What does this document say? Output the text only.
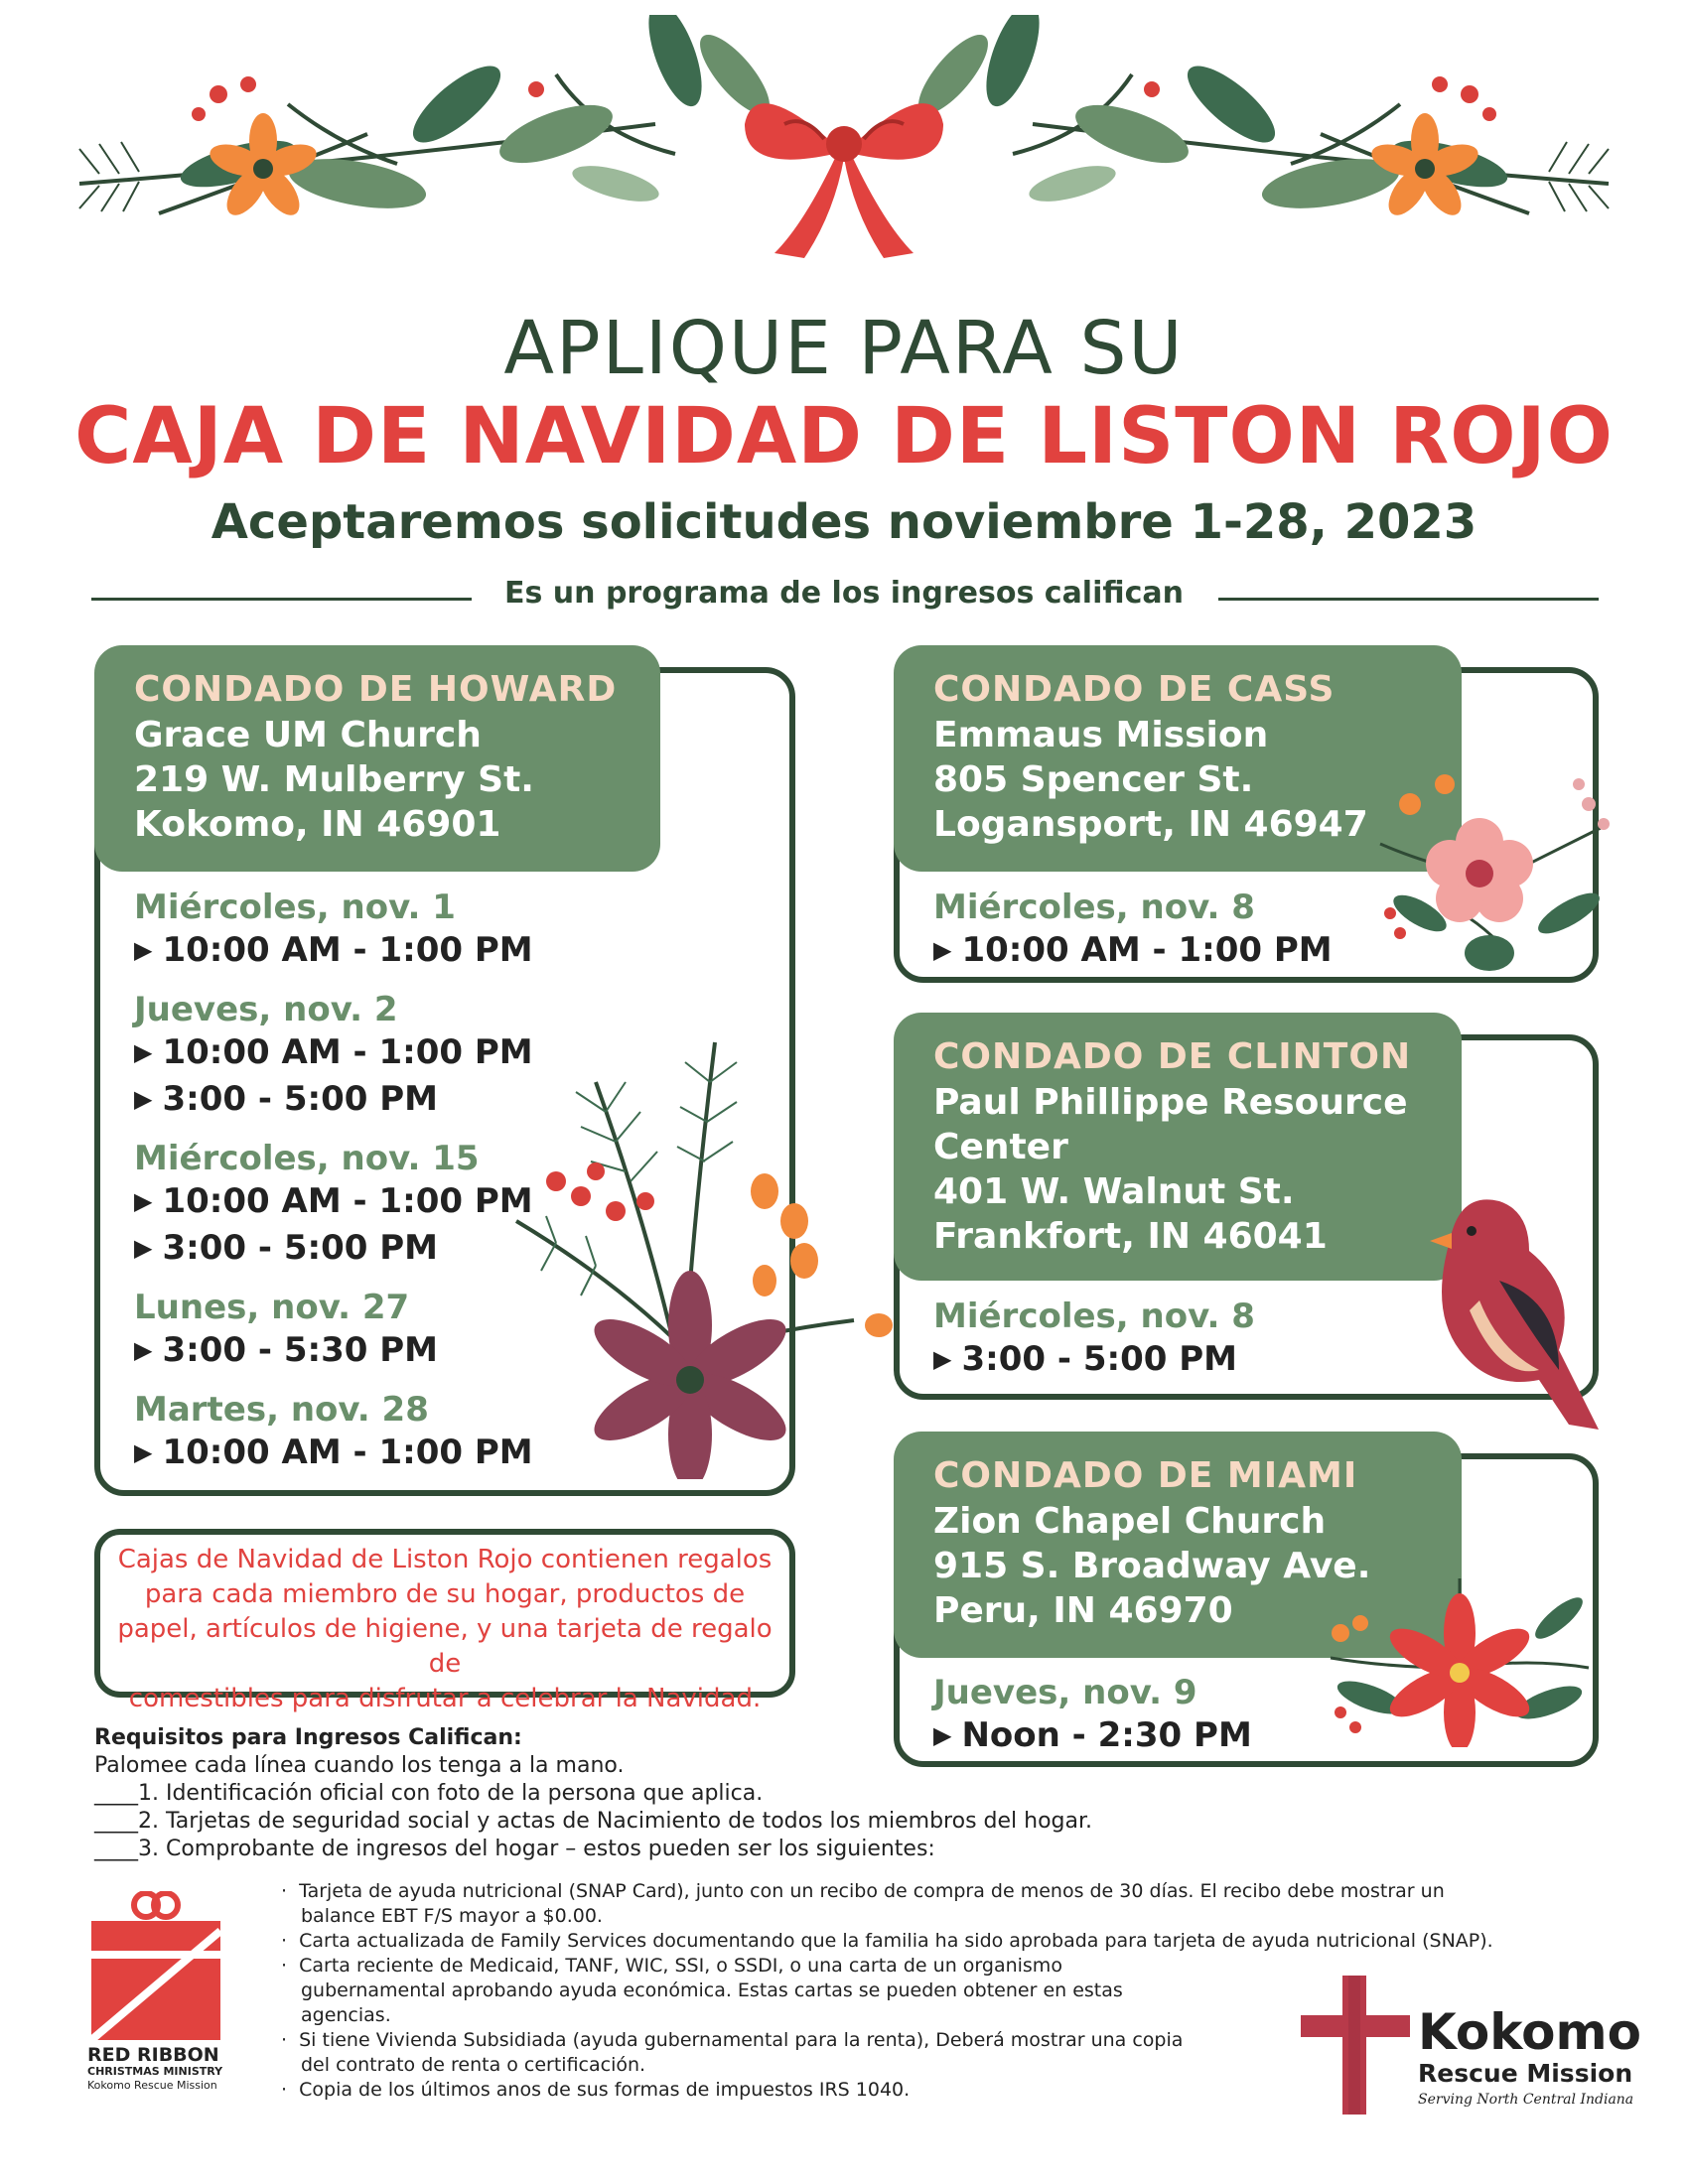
APLIQUE PARA SU
CAJA DE NAVIDAD DE LISTON ROJO
Aceptaremos solicitudes noviembre 1-28, 2023
Es un programa de los ingresos califican
CONDADO DE HOWARD
Grace UM Church
219 W. Mulberry St.
Kokomo, IN 46901
Miércoles, nov. 1
▶ 10:00 AM - 1:00 PM
Jueves, nov. 2
▶ 10:00 AM - 1:00 PM
▶ 3:00 - 5:00 PM
Miércoles, nov. 15
▶ 10:00 AM - 1:00 PM
▶ 3:00 - 5:00 PM
Lunes, nov. 27
▶ 3:00 - 5:30 PM
Martes, nov. 28
▶ 10:00 AM - 1:00 PM
CONDADO DE CASS
Emmaus Mission
805 Spencer St.
Logansport, IN 46947
Miércoles, nov. 8
▶ 10:00 AM - 1:00 PM
CONDADO DE CLINTON
Paul Phillippe Resource
Center
401 W. Walnut St.
Frankfort, IN 46041
Miércoles, nov. 8
▶ 3:00 - 5:00 PM
CONDADO DE MIAMI
Zion Chapel Church
915 S. Broadway Ave.
Peru, IN 46970
Jueves, nov. 9
▶ Noon - 2:30 PM
Cajas de Navidad de Liston Rojo contienen regalos
para cada miembro de su hogar, productos de
papel, artículos de higiene, y una tarjeta de regalo de
comestibles para disfrutar a celebrar la Navidad.
Requisitos para Ingresos Califican:
Palomee cada línea cuando los tenga a la mano.
____1. Identificación oficial con foto de la persona que aplica.
____2. Tarjetas de seguridad social y actas de Nacimiento de todos los miembros del hogar.
____3. Comprobante de ingresos del hogar – estos pueden ser los siguientes:
·  Tarjeta de ayuda nutricional (SNAP Card), junto con un recibo de compra de menos de 30 días. El recibo debe mostrar un
balance EBT F/S mayor a $0.00.
·  Carta actualizada de Family Services documentando que la familia ha sido aprobada para tarjeta de ayuda nutricional (SNAP).
·  Carta reciente de Medicaid, TANF, WIC, SSI, o SSDI, o una carta de un organismo
gubernamental aprobando ayuda económica. Estas cartas se pueden obtener en estas
agencias.
·  Si tiene Vivienda Subsidiada (ayuda gubernamental para la renta), Deberá mostrar una copia
del contrato de renta o certificación.
·  Copia de los últimos anos de sus formas de impuestos IRS 1040.
RED RIBBON
CHRISTMAS MINISTRY
Kokomo Rescue Mission
Kokomo
Rescue Mission
Serving North Central Indiana
